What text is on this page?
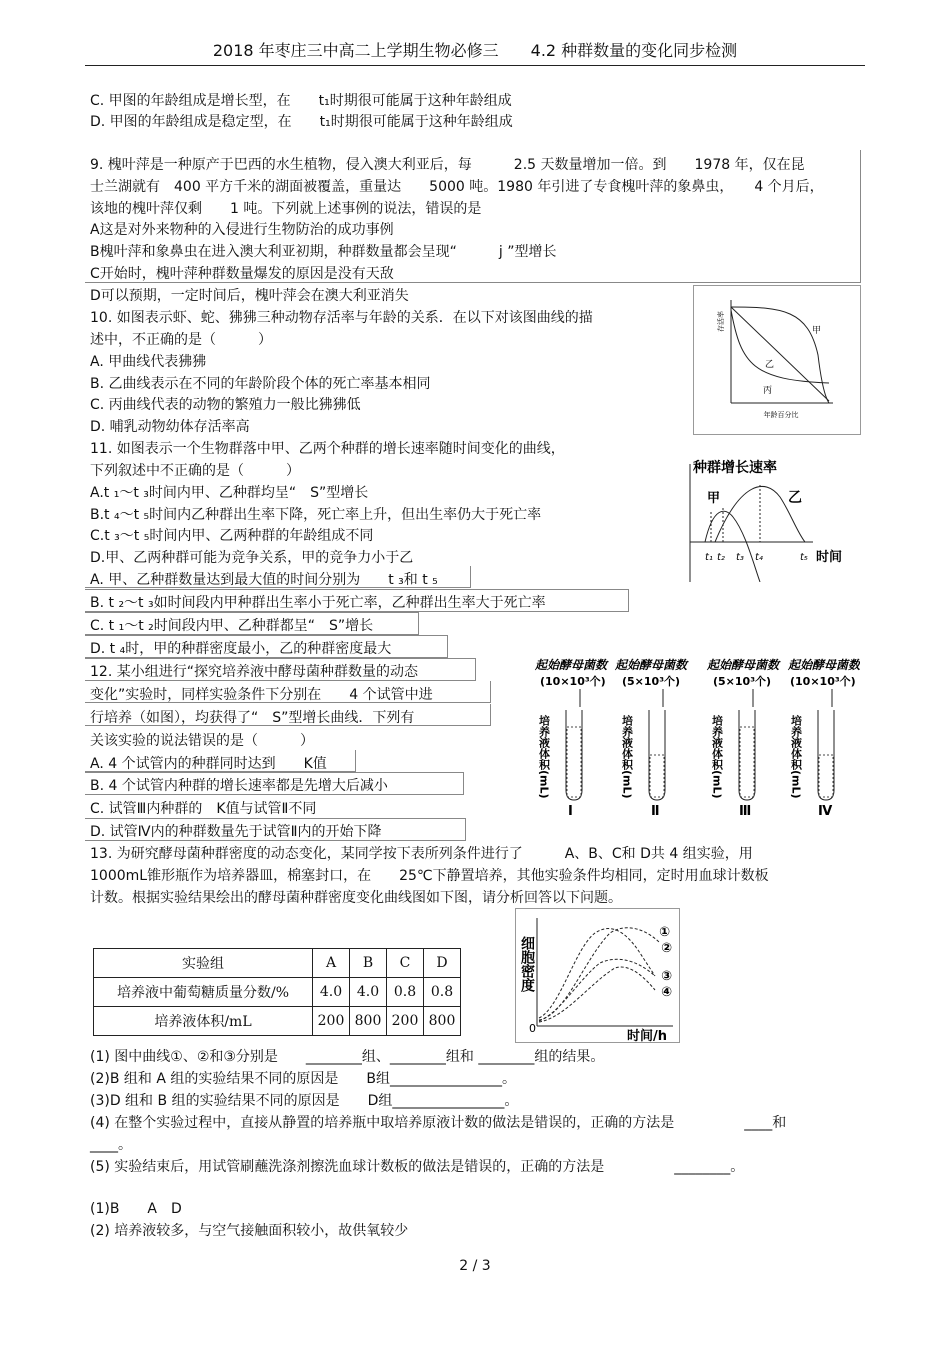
2018 年枣庄三中高二上学期生物必修三　　4.2 种群数量的变化同步检测
C. 甲图的年龄组成是增长型，在　　t₁时期很可能属于这种年龄组成
D. 甲图的年龄组成是稳定型，在　　t₁时期很可能属于这种年龄组成
9. 槐叶萍是一种原产于巴西的水生植物，侵入澳大利亚后，每　　　2.5 天数量增加一倍。到　　1978 年，仅在昆
士兰湖就有　400 平方千米的湖面被覆盖，重量达　　5000 吨。1980 年引进了专食槐叶萍的象鼻虫，　　4 个月后，
该地的槐叶萍仅剩　　1 吨。下列就上述事例的说法，错误的是
A这是对外来物种的入侵进行生物防治的成功事例
B槐叶萍和象鼻虫在进入澳大利亚初期，种群数量都会呈现“　　　j ”型增长
C开始时，槐叶萍种群数量爆发的原因是没有天敌
D可以预期，一定时间后，槐叶萍会在澳大利亚消失
10. 如图表示虾、蛇、狒狒三种动物存活率与年龄的关系．在以下对该图曲线的描
述中，不正确的是（　　　）
A. 甲曲线代表狒狒
B. 乙曲线表示在不同的年龄阶段个体的死亡率基本相同
C. 丙曲线代表的动物的繁殖力一般比狒狒低
D. 哺乳动物幼体存活率高
存活率	甲
乙
丙
年龄百分比
11. 如图表示一个生物群落中甲、乙两个种群的增长速率随时间变化的曲线，
下列叙述中不正确的是（　　　）
A.t ₁～t ₃时间内甲、乙种群均呈“　S”型增长
B.t ₄～t ₅时间内乙种群出生率下降，死亡率上升，但出生率仍大于死亡率
C.t ₃～t ₅时间内甲、乙两种群的年龄组成不同
D.甲、乙两种群可能为竞争关系，甲的竞争力小于乙
A. 甲、乙种群数量达到最大值的时间分别为　　t ₃和 t ₅
B. t ₂～t ₃如时间段内甲种群出生率小于死亡率，乙种群出生率大于死亡率
C. t ₁～t ₂时间段内甲、乙种群都呈“　S”增长
D. t ₄时，甲的种群密度最小，乙的种群密度最大
种群增长速率
甲	乙
t₁ t₂ t₃ t₄	t₅ 时间
12. 某小组进行“探究培养液中酵母菌种群数量的动态
变化”实验时，同样实验条件下分别在　　4 个试管中进
行培养（如图），均获得了“　S”型增长曲线．下列有
关该实验的说法错误的是（　　　）
A. 4 个试管内的种群同时达到　　K值
B. 4 个试管内种群的增长速率都是先增大后减小
C. 试管Ⅲ内种群的　K值与试管Ⅱ不同
D. 试管Ⅳ内的种群数量先于试管Ⅱ内的开始下降
起始酵母菌数
(10×10³个)
培养液体积(mL)
Ⅰ
起始酵母菌数
(5×10³个)
培养液体积(mL)
Ⅱ
起始酵母菌数
(5×10³个)
培养液体积(mL)
Ⅲ
起始酵母菌数
(10×10³个)
培养液体积(mL)
Ⅳ
13. 为研究酵母菌种群密度的动态变化，某同学按下表所列条件进行了　　　A、B、C和 D共 4 组实验，用
1000mL锥形瓶作为培养器皿，棉塞封口，在　　25℃下静置培养，其他实验条件均相同，定时用血球计数板
计数。根据实验结果绘出的酵母菌种群密度变化曲线图如下图，请分析回答以下问题。
实验组	A	B	C	D
培养液中葡萄糖质量分数/%	4.0	4.0	0.8	0.8
培养液体积/mL	200	800	200	800
细胞密度
0
①
②
③
④
时间/h
(1) 图中曲线①、②和③分别是　　________组、________组和 ________组的结果。
(2)B 组和 A 组的实验结果不同的原因是　　B组________________。
(3)D 组和 B 组的实验结果不同的原因是　　D组________________。
(4) 在整个实验过程中，直接从静置的培养瓶中取培养原液计数的做法是错误的，正确的方法是　　　　　____和
____。
(5) 实验结束后，用试管刷蘸洗涤剂擦洗血球计数板的做法是错误的，正确的方法是　　　　　________。
(1)B　　A　D
(2) 培养液较多，与空气接触面积较小，故供氧较少
2 / 3
